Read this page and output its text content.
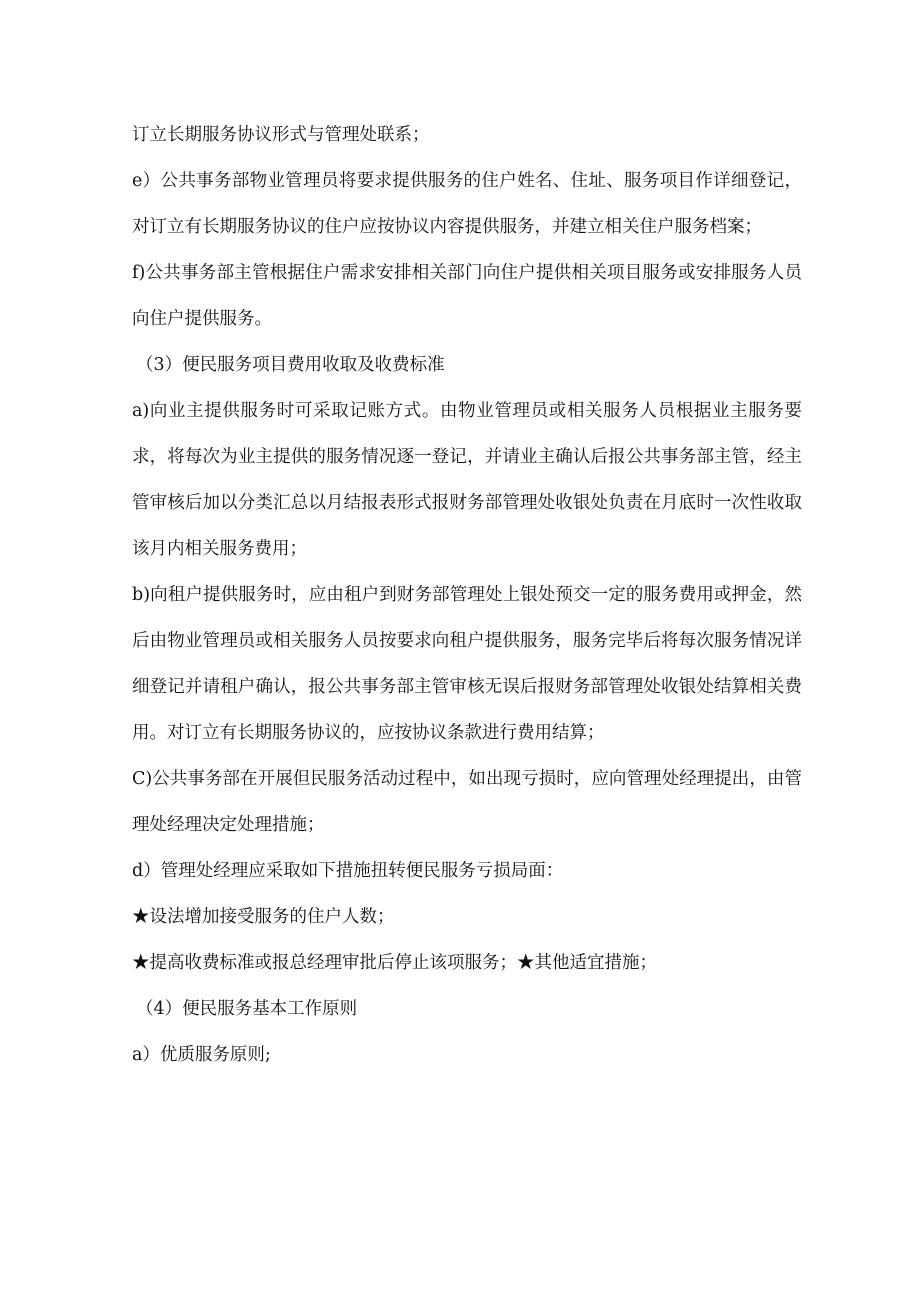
订立长期服务协议形式与管理处联系；

e）公共事务部物业管理员将要求提供服务的住户姓名、住址、服务项目作详细登记，对订立有长期服务协议的住户应按协议内容提供服务，并建立相关住户服务档案；

f)公共事务部主管根据住户需求安排相关部门向住户提供相关项目服务或安排服务人员向住户提供服务。

（3）便民服务项目费用收取及收费标准

a)向业主提供服务时可采取记账方式。由物业管理员或相关服务人员根据业主服务要求，将每次为业主提供的服务情况逐一登记，并请业主确认后报公共事务部主管，经主管审核后加以分类汇总以月结报表形式报财务部管理处收银处负责在月底时一次性收取该月内相关服务费用；

b)向租户提供服务时，应由租户到财务部管理处上银处预交一定的服务费用或押金，然后由物业管理员或相关服务人员按要求向租户提供服务，服务完毕后将每次服务情况详细登记并请租户确认，报公共事务部主管审核无误后报财务部管理处收银处结算相关费用。对订立有长期服务协议的，应按协议条款进行费用结算；

C)公共事务部在开展但民服务活动过程中，如出现亏损时，应向管理处经理提出，由管理处经理决定处理措施；

d）管理处经理应采取如下措施扭转便民服务亏损局面：

★设法增加接受服务的住户人数；

★提高收费标准或报总经理审批后停止该项服务；★其他适宜措施；

（4）便民服务基本工作原则

a）优质服务原则;
